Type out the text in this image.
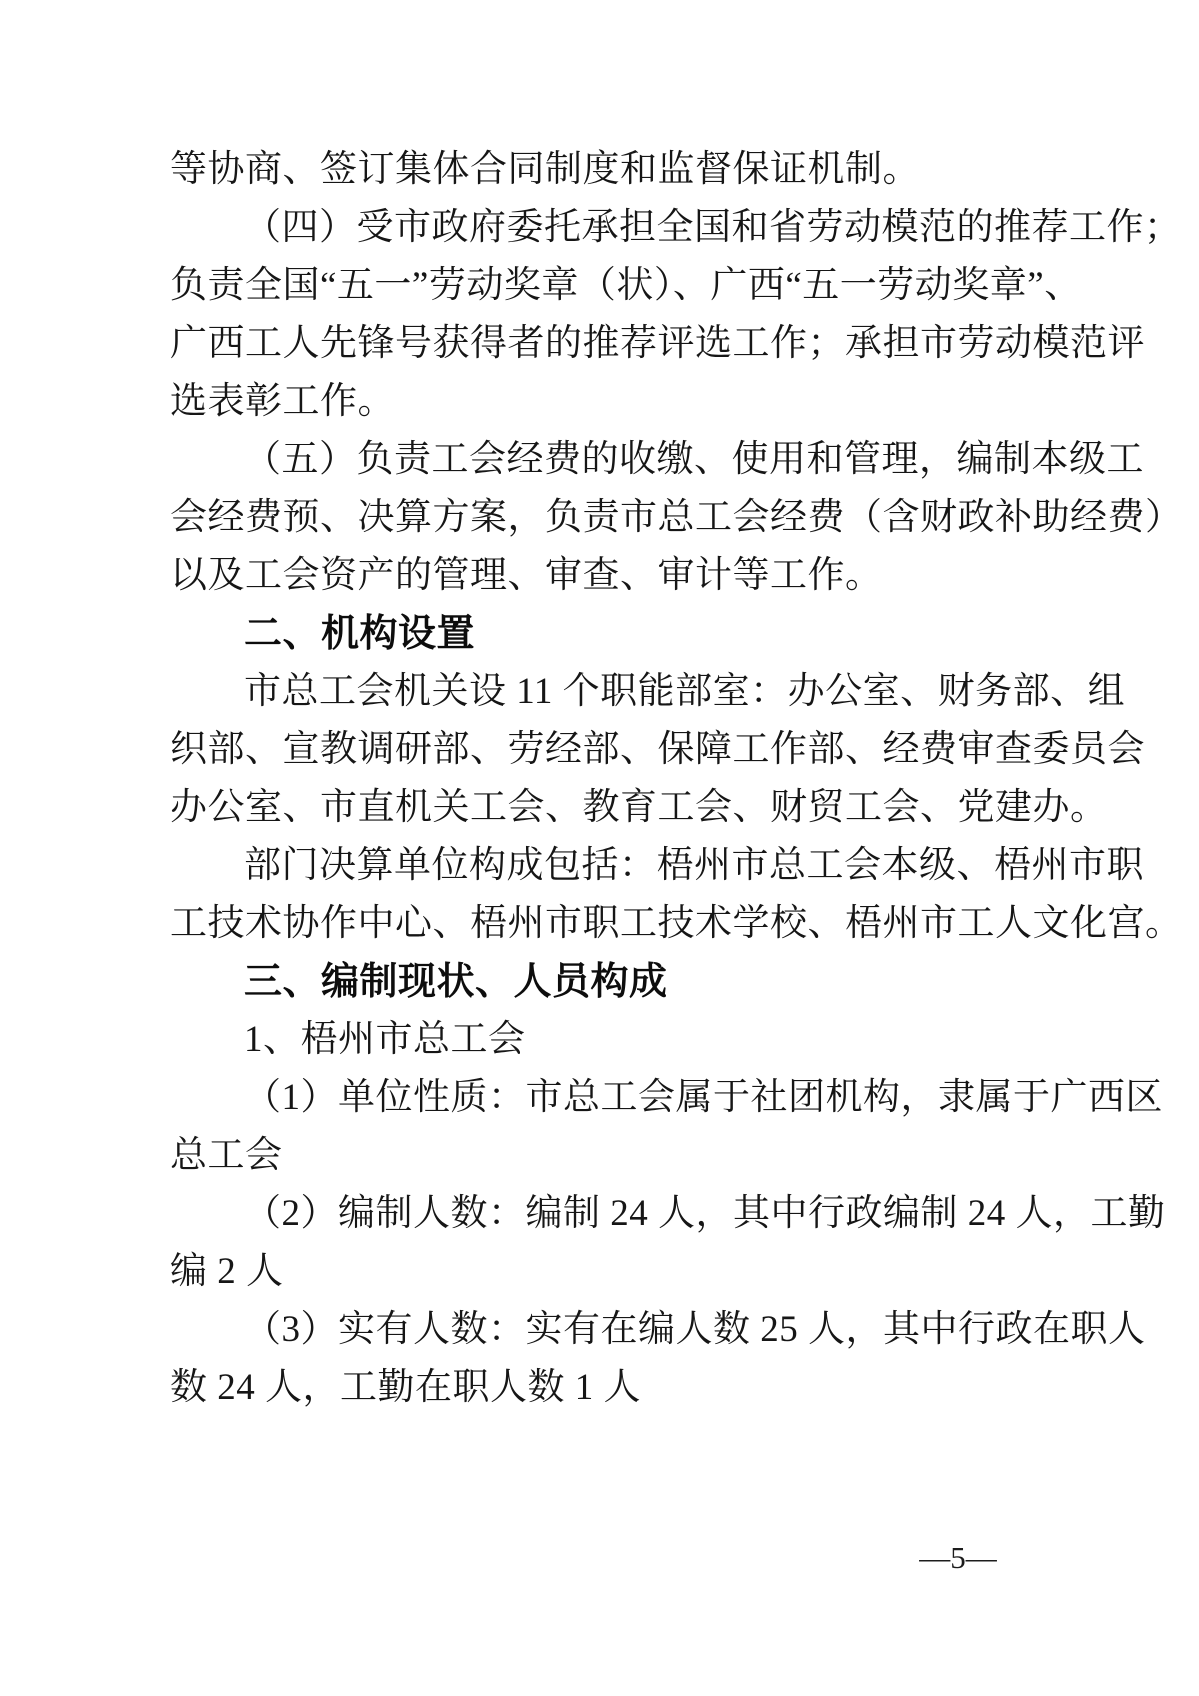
等协商、签订集体合同制度和监督保证机制。
（四）受市政府委托承担全国和省劳动模范的推荐工作；
负责全国“五一”劳动奖章（状）、广西“五一劳动奖章”、
广西工人先锋号获得者的推荐评选工作；承担市劳动模范评
选表彰工作。
（五）负责工会经费的收缴、使用和管理，编制本级工
会经费预、决算方案，负责市总工会经费（含财政补助经费）
以及工会资产的管理、审查、审计等工作。
二、机构设置
市总工会机关设 11 个职能部室：办公室、财务部、组
织部、宣教调研部、劳经部、保障工作部、经费审查委员会
办公室、市直机关工会、教育工会、财贸工会、党建办。
部门决算单位构成包括：梧州市总工会本级、梧州市职
工技术协作中心、梧州市职工技术学校、梧州市工人文化宫。
三、编制现状、人员构成
1、梧州市总工会
（1）单位性质：市总工会属于社团机构，隶属于广西区
总工会
（2）编制人数：编制 24 人，其中行政编制 24 人，工勤
编 2 人
（3）实有人数：实有在编人数 25 人，其中行政在职人
数 24 人，工勤在职人数 1 人
—5—
